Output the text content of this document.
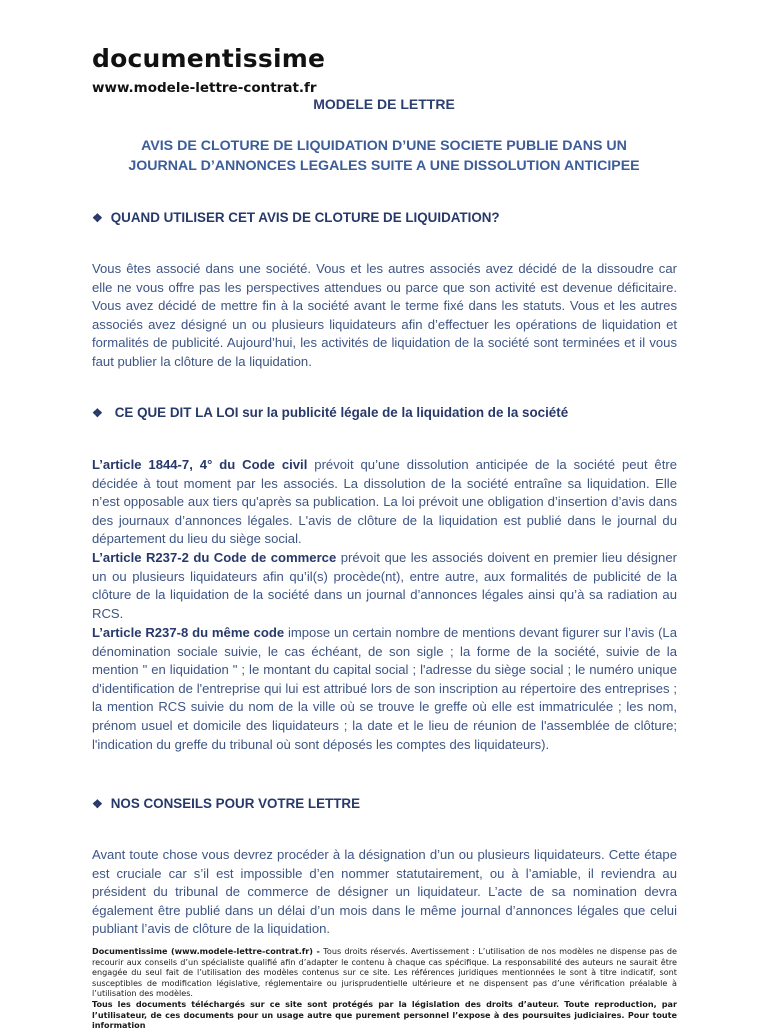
documentissime
www.modele-lettre-contrat.fr
MODELE DE LETTRE
AVIS DE CLOTURE DE LIQUIDATION D’UNE SOCIETE PUBLIE DANS UN
JOURNAL D’ANNONCES LEGALES SUITE A UNE DISSOLUTION ANTICIPEE
❖ QUAND UTILISER CET AVIS DE CLOTURE DE LIQUIDATION?
Vous êtes associé dans une société. Vous et les autres associés avez décidé de la dissoudre car elle ne vous offre pas les perspectives attendues ou parce que son activité est devenue déficitaire. Vous avez décidé de mettre fin à la société avant le terme fixé dans les statuts. Vous et les autres associés avez désigné un ou plusieurs liquidateurs afin d’effectuer les opérations de liquidation et formalités de publicité. Aujourd’hui, les activités de liquidation de la société sont terminées et il vous faut publier la clôture de la liquidation.
❖ CE QUE DIT LA LOI sur la publicité légale de la liquidation de la société
L’article 1844-7, 4° du Code civil prévoit qu’une dissolution anticipée de la société peut être décidée à tout moment par les associés. La dissolution de la société entraîne sa liquidation. Elle n’est opposable aux tiers qu'après sa publication. La loi prévoit une obligation d’insertion d’avis dans des journaux d’annonces légales. L'avis de clôture de la liquidation est publié dans le journal du département du lieu du siège social.
L’article R237-2 du Code de commerce prévoit que les associés doivent en premier lieu désigner un ou plusieurs liquidateurs afin qu’il(s) procède(nt), entre autre, aux formalités de publicité de la clôture de la liquidation de la société dans un journal d’annonces légales ainsi qu’à sa radiation au RCS.
L’article R237-8 du même code impose un certain nombre de mentions devant figurer sur l’avis (La dénomination sociale suivie, le cas échéant, de son sigle ; la forme de la société, suivie de la mention " en liquidation " ; le montant du capital social ; l'adresse du siège social ; le numéro unique d'identification de l'entreprise qui lui est attribué lors de son inscription au répertoire des entreprises ; la mention RCS suivie du nom de la ville où se trouve le greffe où elle est immatriculée ; les nom, prénom usuel et domicile des liquidateurs ; la date et le lieu de réunion de l'assemblée de clôture; l'indication du greffe du tribunal où sont déposés les comptes des liquidateurs).
❖ NOS CONSEILS POUR VOTRE LETTRE
Avant toute chose vous devrez procéder à la désignation d’un ou plusieurs liquidateurs. Cette étape est cruciale car s’il est impossible d’en nommer statutairement, ou à l’amiable, il reviendra au président du tribunal de commerce de désigner un liquidateur. L’acte de sa nomination devra également être publié dans un délai d’un mois dans le même journal d’annonces légales que celui publiant l’avis de clôture de la liquidation.
Documentissime (www.modele-lettre-contrat.fr) - Tous droits réservés. Avertissement : L’utilisation de nos modèles ne dispense pas de recourir aux conseils d’un spécialiste qualifié afin d’adapter le contenu à chaque cas spécifique. La responsabilité des auteurs ne saurait être engagée du seul fait de l’utilisation des modèles contenus sur ce site. Les références juridiques mentionnées le sont à titre indicatif, sont susceptibles de modification législative, réglementaire ou jurisprudentielle ultérieure et ne dispensent pas d’une vérification préalable à l’utilisation des modèles.
Tous les documents téléchargés sur ce site sont protégés par la législation des droits d’auteur. Toute reproduction, par l’utilisateur, de ces documents pour un usage autre que purement personnel l’expose à des poursuites judiciaires. Pour toute information
